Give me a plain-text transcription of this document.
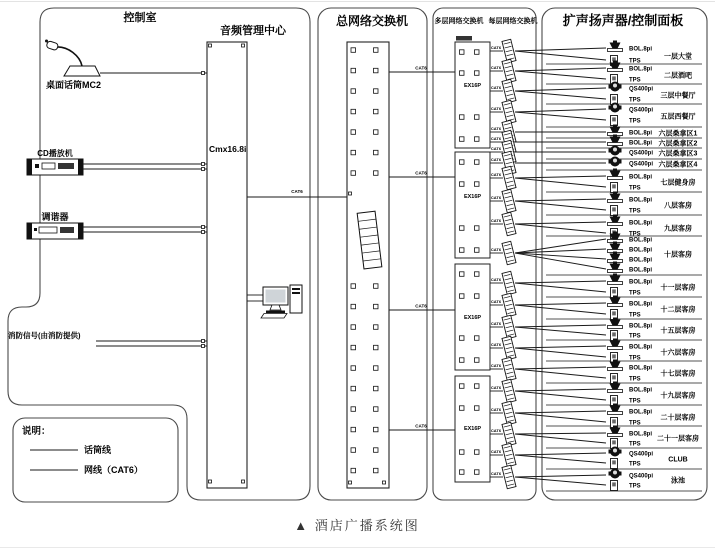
控制室
音频管理中心
总网络交换机	多层网络交换机 每层网络交换机 扩声扬声器/控制面板
桌面话筒MC2
CD播放机
调谐器
消防信号(由消防提供)
Cmx16.8i
CAT6
CAT6
CAT6
CAT6
CAT6
EX16P
EX16P
EX16P
EX16P
CAT6	BOL.8pi
TPS
一层大堂
CAT6	BOL.8pi
TPS
二层酒吧
CAT6	QS400pi
TPS
三层中餐厅
CAT6	QS400pi
TPS
五层西餐厅
CAT6
BOL.8pi 六层桑拿区1
CAT6
BOL.8pi 六层桑拿区2
CAT6
QS400pi 六层桑拿区3
CAT6
QS400pi 六层桑拿区4
CAT6	BOL.8pi
TPS
七层健身房
CAT6	BOL.8pi
TPS
八层客房
CAT6	BOL.8pi
TPS
九层客房
CAT6
BOL.8pi
BOL.8pi
BOL.8pi
BOL.8pi
十层客房
CAT6	BOL.8pi
TPS
十一层客房
CAT6	BOL.8pi
TPS
十二层客房
CAT6	BOL.8pi
TPS
十五层客房
CAT6	BOL.8pi
TPS
十六层客房
CAT6	BOL.8pi
TPS
十七层客房
CAT6	BOL.8pi
TPS
十九层客房
CAT6	BOL.8pi
TPS
二十层客房
CAT6
BOL.8pi
TPS
二十一层客房
CAT6	QS400pi
TPS
CLUB
CAT6	QS400pi
TPS
泳池
说明：
话筒线
网线（CAT6）
▲ 酒店广播系统图
